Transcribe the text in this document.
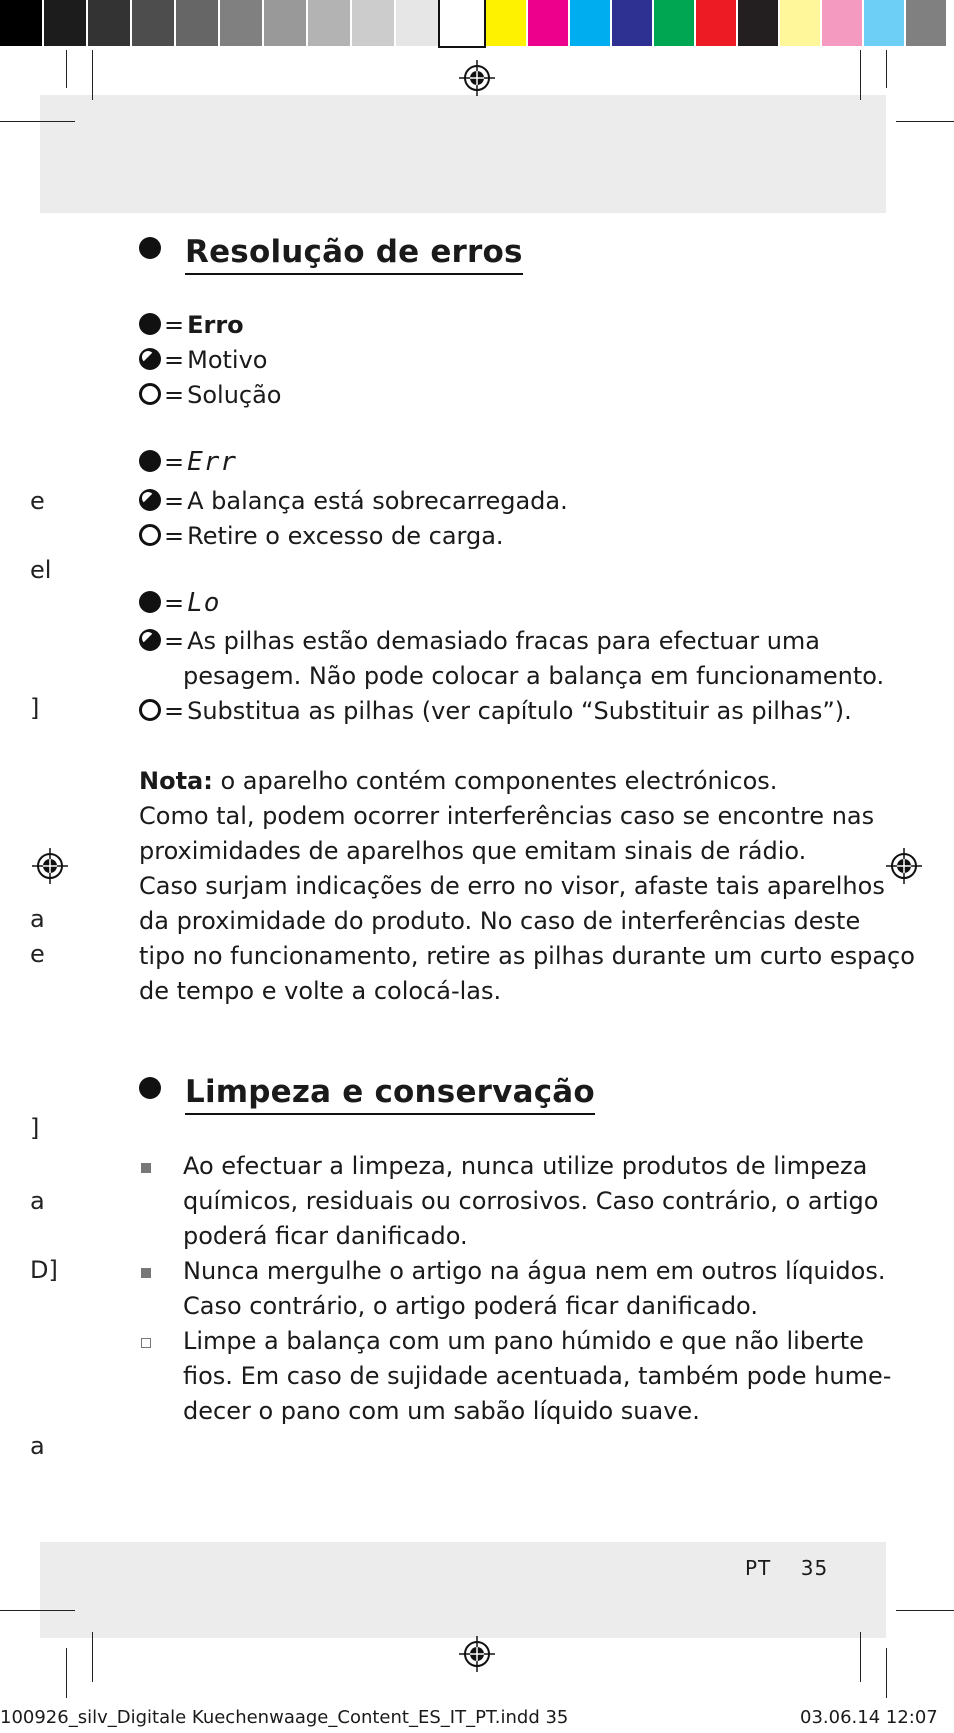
e
el
]
a
e
]
a
D]
a
Resolução de erros
= Erro
= Motivo
= Solução
= Err
= A balança está sobrecarregada.
= Retire o excesso de carga.
= Lo
= As pilhas estão demasiado fracas para efectuar uma
pesagem. Não pode colocar a balança em funcionamento.
= Substitua as pilhas (ver capítulo “Substituir as pilhas”).
Nota: o aparelho contém componentes electrónicos.
Como tal, podem ocorrer interferências caso se encontre nas
proximidades de aparelhos que emitam sinais de rádio.
Caso surjam indicações de erro no visor, afaste tais aparelhos
da proximidade do produto. No caso de interferências deste
tipo no funcionamento, retire as pilhas durante um curto espaço
de tempo e volte a colocá-las.
Limpeza e conservação
Ao efectuar a limpeza, nunca utilize produtos de limpeza
químicos, residuais ou corrosivos. Caso contrário, o artigo
poderá ficar danificado.
Nunca mergulhe o artigo na água nem em outros líquidos.
Caso contrário, o artigo poderá ficar danificado.
Limpe a balança com um pano húmido e que não liberte
fios. Em caso de sujidade acentuada, também pode hume-
decer o pano com um sabão líquido suave.
PT 35
100926_silv_Digitale Kuechenwaage_Content_ES_IT_PT.indd 35	03.06.14 12:07
